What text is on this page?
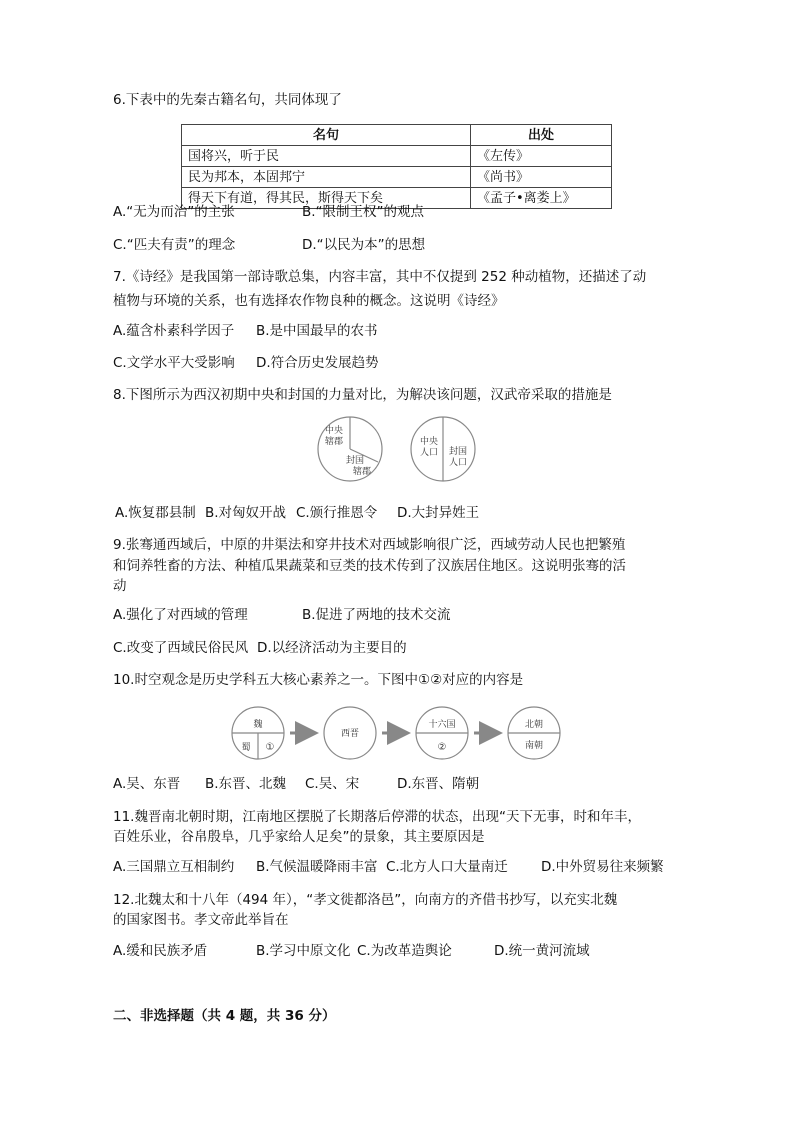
6.下表中的先秦古籍名句，共同体现了
名句	出处
国将兴，听于民	《左传》
民为邦本，本固邦宁	《尚书》
得天下有道，得其民，斯得天下矣	《孟子•离娄上》
A.“无为而治”的主张	B.“限制王权”的观点
C.“匹夫有责”的理念	D.“以民为本”的思想
7.《诗经》是我国第一部诗歌总集，内容丰富，其中不仅提到 252 种动植物，还描述了动
植物与环境的关系，也有选择农作物良种的概念。这说明《诗经》
A.蕴含朴素科学因子 B.是中国最早的农书
C.文学水平大受影响 D.符合历史发展趋势
8.下图所示为西汉初期中央和封国的力量对比，为解决该问题，汉武帝采取的措施是
中央
辖郡
封国
辖郡
中央
人口 封国
人口
A.恢复郡县制 B.对匈奴开战 C.颁行推恩令 D.大封异姓王
9.张骞通西域后，中原的井渠法和穿井技术对西域影响很广泛，西域劳动人民也把繁殖
和饲养牲畜的方法、种植瓜果蔬菜和豆类的技术传到了汉族居住地区。这说明张骞的活
动
A.强化了对西域的管理	B.促进了两地的技术交流
C.改变了西域民俗民风 D.以经济活动为主要目的
10.时空观念是历史学科五大核心素养之一。下图中①②对应的内容是
魏
蜀 ①
西晋
十六国
②
北朝
南朝
A.吴、东晋 B.东晋、北魏 C.吴、宋	D.东晋、隋朝
11.魏晋南北朝时期，江南地区摆脱了长期落后停滞的状态，出现“天下无事，时和年丰，
百姓乐业，谷帛殷阜，几乎家给人足矣”的景象，其主要原因是
A.三国鼎立互相制约 B.气候温暖降雨丰富 C.北方人口大量南迁 D.中外贸易往来频繁
12.北魏太和十八年（494 年），“孝文徙都洛邑”，向南方的齐借书抄写，以充实北魏
的国家图书。孝文帝此举旨在
A.缓和民族矛盾	B.学习中原文化 C.为改革造舆论	D.统一黄河流域
二、非选择题（共 4 题，共 36 分）
